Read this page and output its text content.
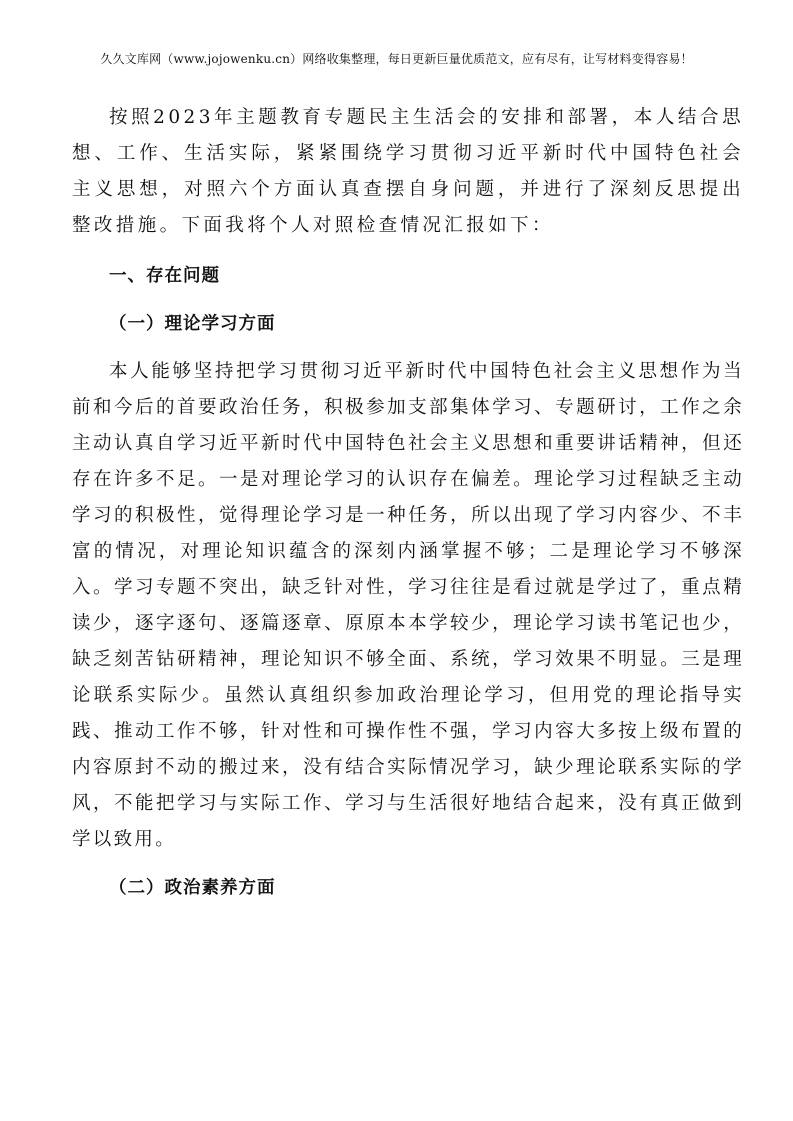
久久文库网（www.jojowenku.cn）网络收集整理，每日更新巨量优质范文，应有尽有，让写材料变得容易！

按照2023年主题教育专题民主生活会的安排和部署，本人结合思想、工作、生活实际，紧紧围绕学习贯彻习近平新时代中国特色社会主义思想，对照六个方面认真查摆自身问题，并进行了深刻反思提出整改措施。下面我将个人对照检查情况汇报如下：

一、存在问题

（一）理论学习方面

本人能够坚持把学习贯彻习近平新时代中国特色社会主义思想作为当前和今后的首要政治任务，积极参加支部集体学习、专题研讨，工作之余主动认真自学习近平新时代中国特色社会主义思想和重要讲话精神，但还存在许多不足。一是对理论学习的认识存在偏差。理论学习过程缺乏主动学习的积极性，觉得理论学习是一种任务，所以出现了学习内容少、不丰富的情况，对理论知识蕴含的深刻内涵掌握不够；二是理论学习不够深入。学习专题不突出，缺乏针对性，学习往往是看过就是学过了，重点精读少，逐字逐句、逐篇逐章、原原本本学较少，理论学习读书笔记也少，缺乏刻苦钻研精神，理论知识不够全面、系统，学习效果不明显。三是理论联系实际少。虽然认真组织参加政治理论学习，但用党的理论指导实践、推动工作不够，针对性和可操作性不强，学习内容大多按上级布置的内容原封不动的搬过来，没有结合实际情况学习，缺少理论联系实际的学风，不能把学习与实际工作、学习与生活很好地结合起来，没有真正做到学以致用。

（二）政治素养方面
